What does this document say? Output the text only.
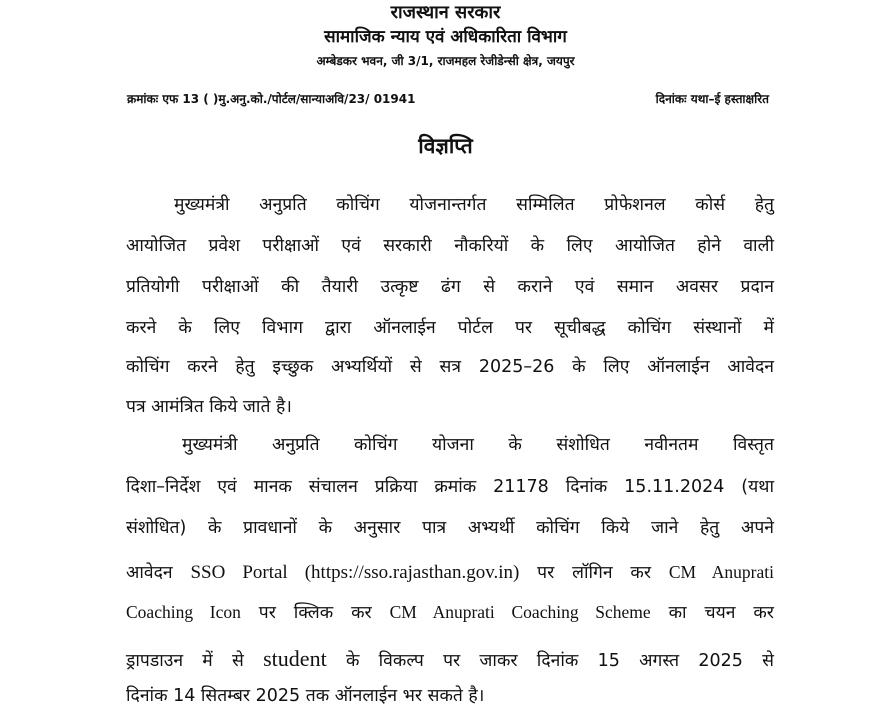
राजस्थान सरकार
सामाजिक न्याय एवं अधिकारिता विभाग
अम्बेडकर भवन, जी 3/1, राजमहल रेजीडेन्सी क्षेत्र, जयपुर
क्रमांकः एफ 13 ( )मु.अनु.को./पोर्टल/सान्याअवि/23/ 01941	दिनांकः यथा–ई हस्ताक्षरित
विज्ञप्ति
मुख्यमंत्री अनुप्रति कोचिंग योजनान्तर्गत सम्मिलित प्रोफेशनल कोर्स हेतु
आयोजित प्रवेश परीक्षाओं एवं सरकारी नौकरियों के लिए आयोजित होने वाली
प्रतियोगी परीक्षाओं की तैयारी उत्कृष्ट ढंग से कराने एवं समान अवसर प्रदान
करने के लिए विभाग द्वारा ऑनलाईन पोर्टल पर सूचीबद्ध कोचिंग संस्थानों में
कोचिंग करने हेतु इच्छुक अभ्यर्थियों से सत्र 2025–26 के लिए ऑनलाईन आवेदन
पत्र आमंत्रित किये जाते है।
मुख्यमंत्री अनुप्रति कोचिंग योजना के संशोधित नवीनतम विस्तृत
दिशा–निर्देश एवं मानक संचालन प्रक्रिया क्रमांक 21178 दिनांक 15.11.2024 (यथा
संशोधित) के प्रावधानों के अनुसार पात्र अभ्यर्थी कोचिंग किये जाने हेतु अपने
आवेदन SSO Portal (https://sso.rajasthan.gov.in) पर लॉगिन कर CM Anuprati
Coaching Icon पर क्लिक कर CM Anuprati Coaching Scheme का चयन कर
ड्रापडाउन में से student के विकल्प पर जाकर दिनांक 15 अगस्त 2025 से
दिनांक 14 सितम्बर 2025 तक ऑनलाईन भर सकते है।
